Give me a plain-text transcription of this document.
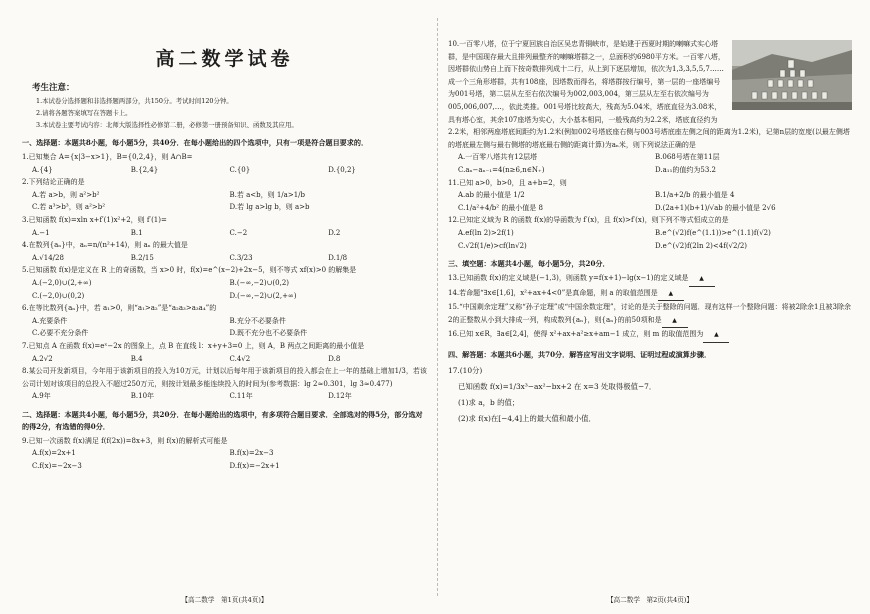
高二数学试卷
考生注意：
1.本试卷分选择题和非选择题两部分，共150分。考试时间120分钟。
2.请将各题答案填写在答题卡上。
3.本试卷主要考试内容：北师大版选择性必修第二册，必修第一册预备知识、函数及其应用。
一、选择题：本题共8小题，每小题5分，共40分．在每小题给出的四个选项中，只有一项是符合题目要求的．
1.已知集合 A={x|3−x>1}，B={0,2,4}，则 A∩B=
A.{4}	B.{2,4}	C.{0}	D.{0,2}
2.下列结论正确的是
A.若 a>b，则 a²>b²	B.若 a<b，则 1/a>1/b
C.若 a³>b³，则 a²>b²	D.若 lg a>lg b，则 a>b
3.已知函数 f(x)=xln x+f′(1)x²+2，则 f′(1)=
A.−1	B.1	C.−2	D.2
4.在数列{aₙ}中，aₙ=n/(n²+14)，则 aₙ 的最大值是
A.√14/28	B.2/15	C.3/23	D.1/8
5.已知函数 f(x)是定义在 R 上的奇函数，当 x>0 时，f(x)=e^(x−2)+2x−5，则不等式 xf(x)>0 的解集是
A.(−2,0)∪(2,+∞)	B.(−∞,−2)∪(0,2)
C.(−2,0)∪(0,2)	D.(−∞,−2)∪(2,+∞)
6.在等比数列{aₙ}中，若 a₁>0，则“a₁>a₂”是“a₂a₃>a₃a₄”的
A.充要条件	B.充分不必要条件
C.必要不充分条件	D.既不充分也不必要条件
7.已知点 A 在函数 f(x)=eˣ−2x 的图象上，点 B 在直线 l：x+y+3=0 上，则 A，B 两点之间距离的最小值是
A.2√2	B.4	C.4√2	D.8
8.某公司开发新项目，今年用于该新项目的投入为10万元，计划以后每年用于该新项目的投入都会在上一年的基础上增加1/3，若该公司计划对该项目的总投入不超过250万元，则按计划最多能连续投入的时间为(参考数据：lg 2≈0.301，lg 3≈0.477)
A.9年	B.10年	C.11年	D.12年
二、选择题：本题共4小题，每小题5分，共20分．在每小题给出的选项中，有多项符合题目要求．全部选对的得5分，部分选对的得2分，有选错的得0分．
9.已知一次函数 f(x)满足 f(f(2x))=8x+3，则 f(x)的解析式可能是
A.f(x)=2x+1	B.f(x)=2x−3
C.f(x)=−2x−3	D.f(x)=−2x+1
【高二数学　第1页(共4页)】
10.一百零八塔，位于宁夏回族自治区吴忠青铜峡市，是始建于西夏时期的喇嘛式实心塔群，是中国现存最大且排列最整齐的喇嘛塔群之一，总面积约6980平方米。一百零八塔，因塔群依山势自上而下按奇数排列成十二行，从上到下逐层增加，依次为1,3,3,5,5,7……成一个三角形塔群，共有108座，因塔数而得名，将塔群按行编号，第一层的一座塔编号为001号塔，第二层从左至右依次编号为002,003,004，第三层从左至右依次编号为005,006,007,…，依此类推。001号塔比较高大，残高为5.04米，塔底直径为3.08米，具有塔心室，其余107座塔为实心，大小基本相同，一般残高约为2.2米，塔底直径约为2.2米，相邻两座塔底间距约为1.2米(例如002号塔底座右侧与003号塔底座左侧之间的距离为1.2米)，记第n层的宽度(以最左侧塔的塔底最左侧与最右侧塔的塔底最右侧的距离计算)为aₙ米，则下列说法正确的是
A.一百零八塔共有12层塔	B.068号塔在第11层
C.aₙ−aₙ₋₁=4(n≥6,n∈N₊)	D.a₁₁的值约为53.2
11.已知 a>0，b>0，且 a+b=2，则
A.ab 的最小值是 1/2	B.1/a+2/b 的最小值是 4
C.1/a²+4/b² 的最小值是 8	D.(2a+1)(b+1)/√ab 的最小值是 2√6
12.已知定义域为 R 的函数 f(x)的导函数为 f′(x)，且 f(x)>f′(x)，则下列不等式恒成立的是
A.ef(ln 2)>2f(1)	B.e^(√2)f(e^(1.1))>e^(1.1)f(√2)
C.√2f(1/e)>cf(ln√2)	D.e^(√2)f(2ln 2)<4f(√2/2)
三、填空题：本题共4小题，每小题5分，共20分．
13.已知函数 f(x)的定义域是(−1,3)，则函数 y=f(x+1)−lg(x−1)的定义域是 ▲
14.若命题“∃x∈[1,6]，x²+ax+4<0”是真命题，则 a 的取值范围是 ▲
15.“中国剩余定理”又称“孙子定理”或“中国余数定理”，讨论的是关于整除的问题．现有这样一个整除问题：将被2除余1且被3除余2的正整数从小到大排成一列，构成数列{aₙ}，则{aₙ}的前50项和是 ▲
16.已知 x∈R，∃a∈[2,4]，使得 x²+ax+a²≥x+am−1 成立，则 m 的取值范围为 ▲
四、解答题：本题共6小题，共70分．解答应写出文字说明、证明过程或演算步骤．
17.(10分)
已知函数 f(x)=1/3x³−ax²−bx+2 在 x=3 处取得极值−7．
(1)求 a，b 的值；
(2)求 f(x)在[−4,4]上的最大值和最小值．
【高二数学　第2页(共4页)】
